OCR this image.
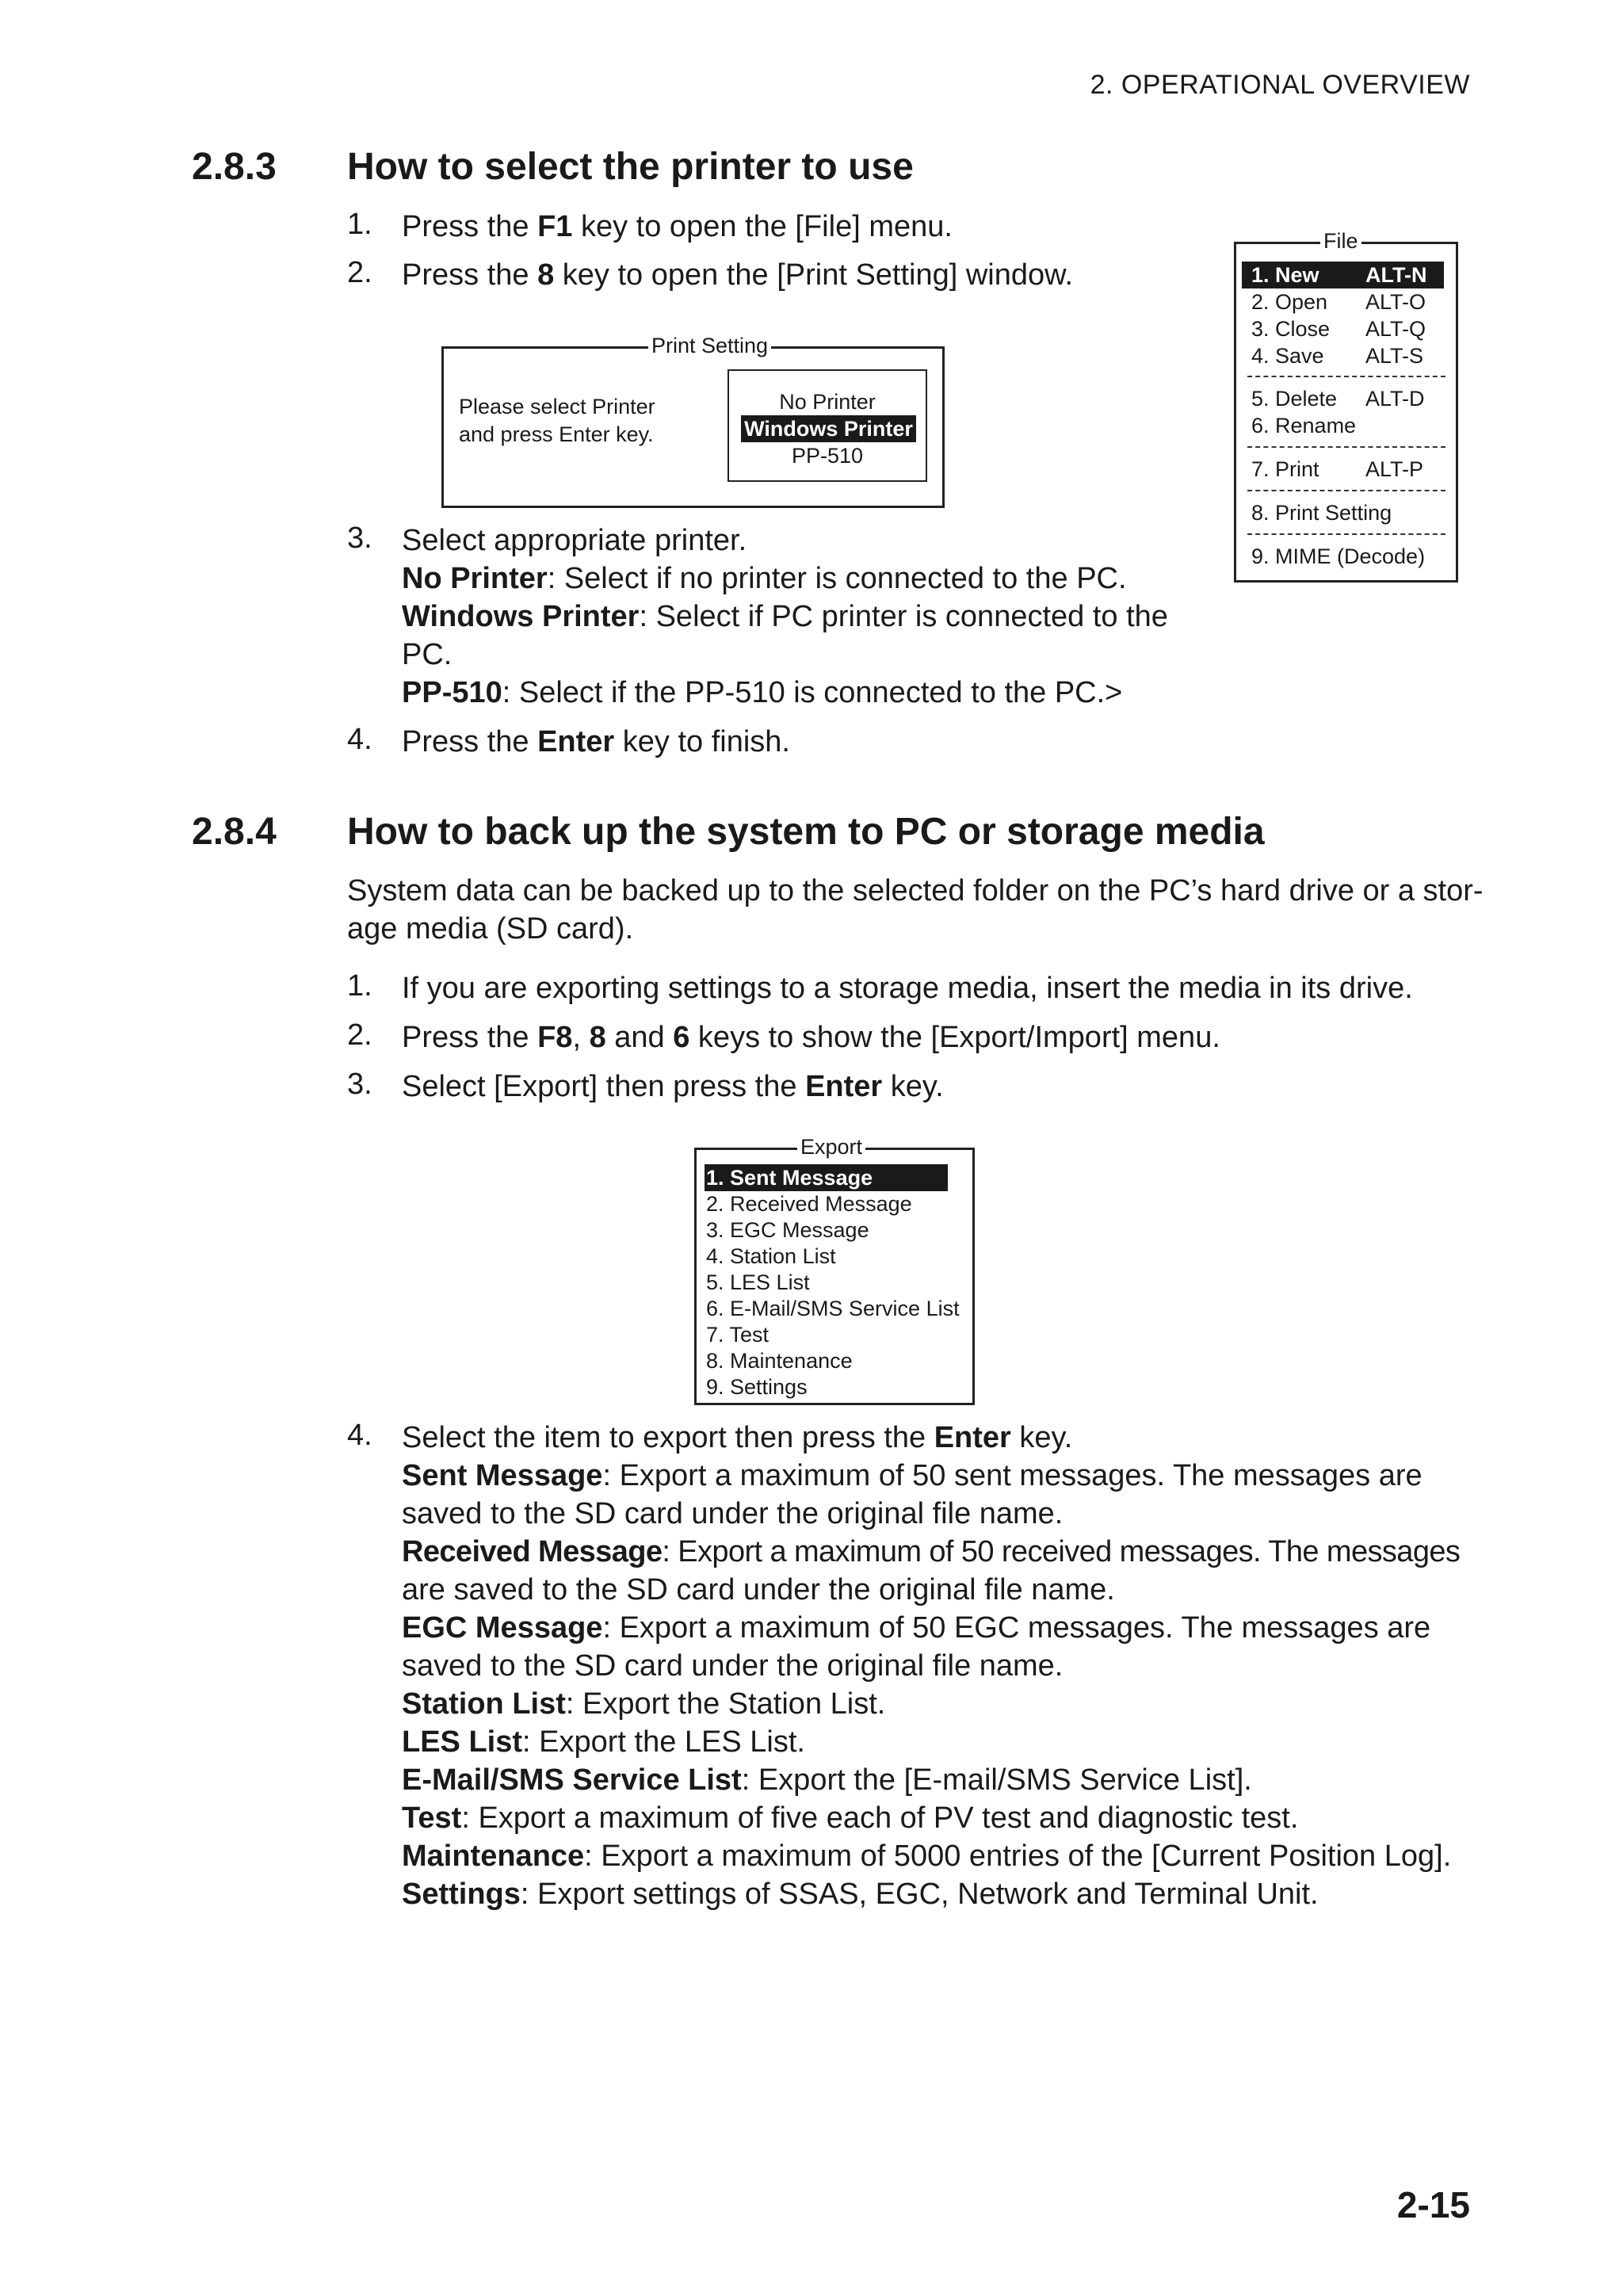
2. OPERATIONAL OVERVIEW
2.8.3 How to select the printer to use
1. Press the F1 key to open the [File] menu.
2. Press the 8 key to open the [Print Setting] window.
Print Setting
Please select Printer
and press Enter key.
No Printer
Windows Printer
PP-510
File
1. New ALT-N
2. Open ALT-O
3. Close ALT-Q
4. Save ALT-S
5. Delete ALT-D
6. Rename
7. Print ALT-P
8. Print Setting
9. MIME (Decode)
3. Select appropriate printer.
No Printer: Select if no printer is connected to the PC.
Windows Printer: Select if PC printer is connected to the
PC.
PP-510: Select if the PP-510 is connected to the PC.>
4. Press the Enter key to finish.
2.8.4 How to back up the system to PC or storage media
System data can be backed up to the selected folder on the PC’s hard drive or a stor-
age media (SD card).
1. If you are exporting settings to a storage media, insert the media in its drive.
2. Press the F8, 8 and 6 keys to show the [Export/Import] menu.
3. Select [Export] then press the Enter key.
Export
1. Sent Message
2. Received Message
3. EGC Message
4. Station List
5. LES List
6. E-Mail/SMS Service List
7. Test
8. Maintenance
9. Settings
4. Select the item to export then press the Enter key.
Sent Message: Export a maximum of 50 sent messages. The messages are
saved to the SD card under the original file name.
Received Message: Export a maximum of 50 received messages. The messages
are saved to the SD card under the original file name.
EGC Message: Export a maximum of 50 EGC messages. The messages are
saved to the SD card under the original file name.
Station List: Export the Station List.
LES List: Export the LES List.
E-Mail/SMS Service List: Export the [E-mail/SMS Service List].
Test: Export a maximum of five each of PV test and diagnostic test.
Maintenance: Export a maximum of 5000 entries of the [Current Position Log].
Settings: Export settings of SSAS, EGC, Network and Terminal Unit.
2-15
